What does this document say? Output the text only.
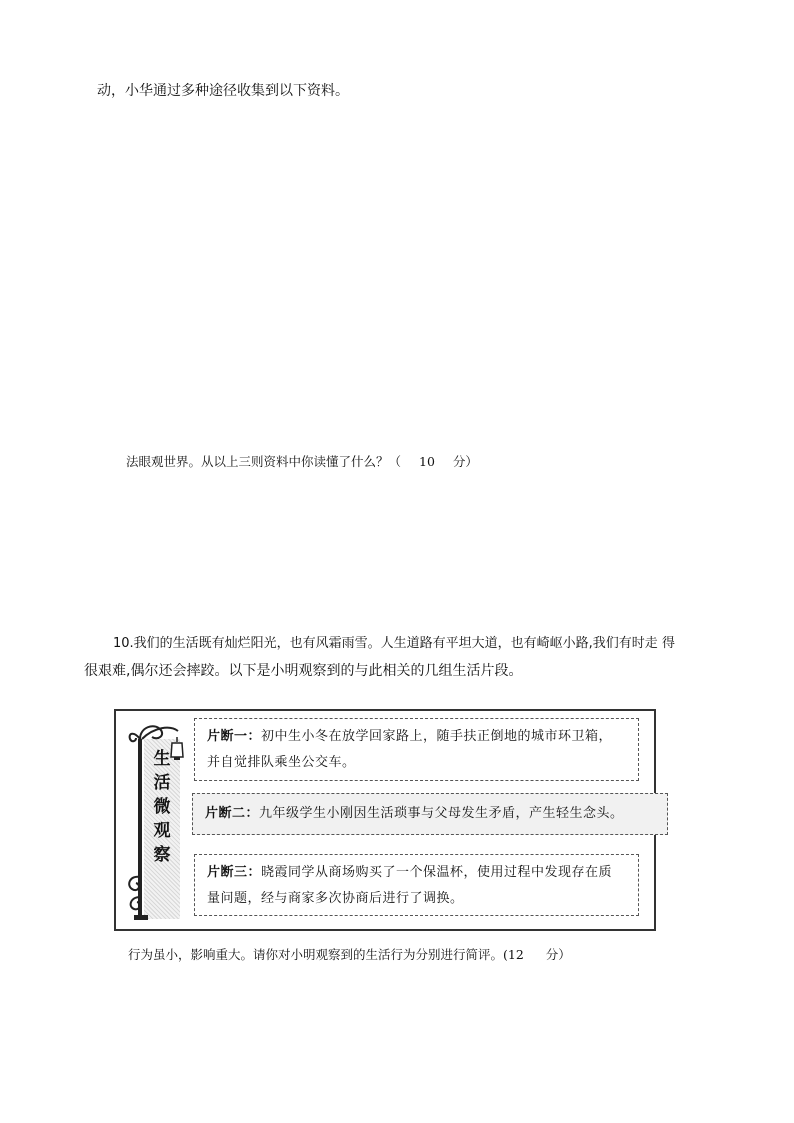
动，小华通过多种途径收集到以下资料。
法眼观世界。从以上三则资料中你读懂了什么？（ 10 分）
10.我们的生活既有灿烂阳光，也有风霜雨雪。人生道路有平坦大道，也有崎岖小路,我们有时走 得
很艰难,偶尔还会摔跤。以下是小明观察到的与此相关的几组生活片段。
生
活
微
观
察
片断一：初中生小冬在放学回家路上，随手扶正倒地的城市环卫箱，
并自觉排队乘坐公交车。
片断二：九年级学生小刚因生活琐事与父母发生矛盾，产生轻生念头。
片断三：晓霞同学从商场购买了一个保温杯，使用过程中发现存在质
量问题，经与商家多次协商后进行了调换。
行为虽小，影响重大。请你对小明观察到的生活行为分别进行简评。(12 分）
